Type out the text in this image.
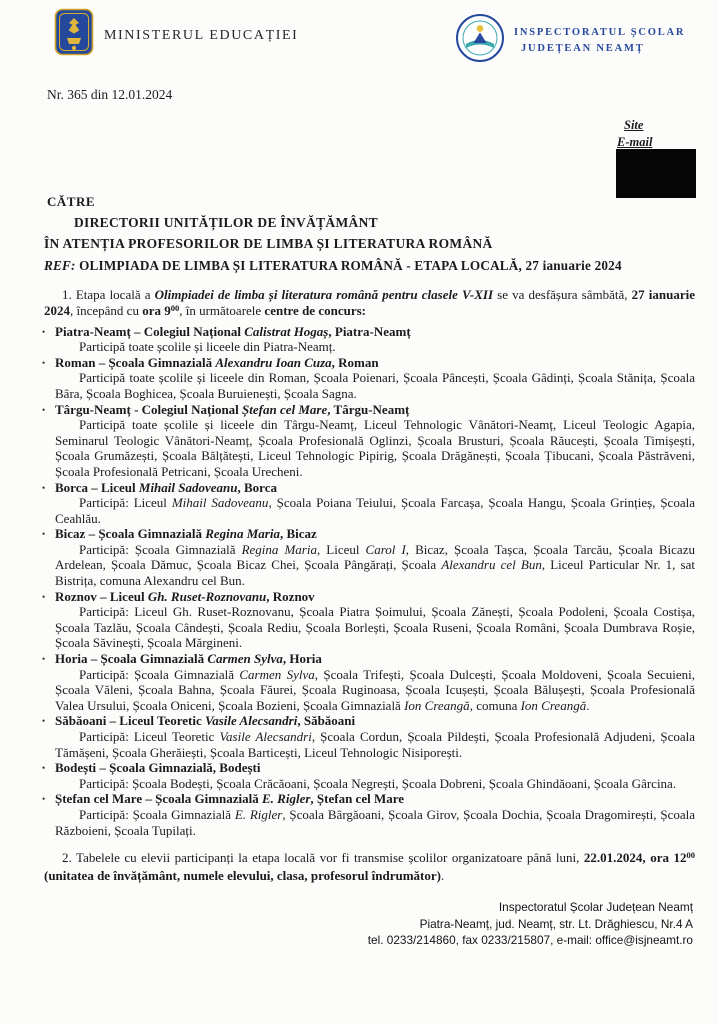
MINISTERUL EDUCAȚIEI	INSPECTORATUL ȘCOLAR
JUDEȚEAN NEAMȚ
Nr. 365 din 12.01.2024
Site
E-mail
CĂTRE
DIRECTORII UNITĂȚILOR DE ÎNVĂȚĂMÂNT
ÎN ATENȚIA PROFESORILOR DE LIMBA ȘI LITERATURA ROMÂNĂ
REF: OLIMPIADA DE LIMBA ȘI LITERATURA ROMÂNĂ - ETAPA LOCALĂ, 27 ianuarie 2024

1. Etapa locală a Olimpiadei de limba și literatura română pentru clasele V-XII se va desfășura sâmbătă, 27 ianuarie 2024, începând cu ora $9^{00}$, în următoarele centre de concurs:

• Piatra-Neamț – Colegiul Național Calistrat Hogaș, Piatra-Neamț
Participă toate școlile și liceele din Piatra-Neamț.
• Roman – Școala Gimnazială Alexandru Ioan Cuza, Roman
Participă toate școlile și liceele din Roman, Școala Poienari, Școala Pâncești, Școala Gâdinți, Școala Stănița, Școala Bâra, Școala Boghicea, Școala Buruienești, Școala Sagna.
• Târgu-Neamț - Colegiul Național Ștefan cel Mare, Târgu-Neamț
Participă toate școlile și liceele din Târgu-Neamț, Liceul Tehnologic Vânători-Neamț, Liceul Teologic Agapia, Seminarul Teologic Vânători-Neamț, Școala Profesională Oglinzi, Școala Brusturi, Școala Răucești, Școala Timișești, Școala Grumăzești, Școala Bălțătești, Liceul Tehnologic Pipirig, Școala Drăgănești, Școala Țibucani, Școala Păstrăveni, Școala Profesională Petricani, Școala Urecheni.
• Borca – Liceul Mihail Sadoveanu, Borca
Participă: Liceul Mihail Sadoveanu, Școala Poiana Teiului, Școala Farcașa, Școala Hangu, Școala Grințieș, Școala Ceahlău.
• Bicaz – Școala Gimnazială Regina Maria, Bicaz
Participă: Școala Gimnazială Regina Maria, Liceul Carol I, Bicaz, Școala Tașca, Școala Tarcău, Școala Bicazu Ardelean, Școala Dămuc, Școala Bicaz Chei, Școala Pângărați, Școala Alexandru cel Bun, Liceul Particular Nr. 1, sat Bistrița, comuna Alexandru cel Bun.
• Roznov – Liceul Gh. Ruset-Roznovanu, Roznov
Participă: Liceul Gh. Ruset-Roznovanu, Școala Piatra Șoimului, Școala Zănești, Școala Podoleni, Școala Costișa, Școala Tazlău, Școala Cândești, Școala Rediu, Școala Borlești, Școala Ruseni, Școala Români, Școala Dumbrava Roșie, Școala Săvinești, Școala Mărgineni.
• Horia – Școala Gimnazială Carmen Sylva, Horia
Participă: Școala Gimnazială Carmen Sylva, Școala Trifești, Școala Dulcești, Școala Moldoveni, Școala Secuieni, Școala Văleni, Școala Bahna, Școala Făurei, Școala Ruginoasa, Școala Icușești, Școala Bălușești, Școala Profesională Valea Ursului, Școala Oniceni, Școala Bozieni, Școala Gimnazială Ion Creangă, comuna Ion Creangă.
• Săbăoani – Liceul Teoretic Vasile Alecsandri, Săbăoani
Participă: Liceul Teoretic Vasile Alecsandri, Școala Cordun, Școala Pildești, Școala Profesională Adjudeni, Școala Tămășeni, Școala Gherăiești, Școala Barticești, Liceul Tehnologic Nisiporești.
• Bodești – Școala Gimnazială, Bodești
Participă: Școala Bodești, Școala Crăcăoani, Școala Negrești, Școala Dobreni, Școala Ghindăoani, Școala Gârcina.
• Ștefan cel Mare – Școala Gimnazială E. Rigler, Ștefan cel Mare
Participă: Școala Gimnazială E. Rigler, Școala Bârgăoani, Școala Girov, Școala Dochia, Școala Dragomirești, Școala Războieni, Școala Tupilați.

2. Tabelele cu elevii participanți la etapa locală vor fi transmise școlilor organizatoare până luni, 22.01.2024, ora $12^{00}$ (unitatea de învățământ, numele elevului, clasa, profesorul îndrumător).

Inspectoratul Școlar Județean Neamț
Piatra-Neamț, jud. Neamț, str. Lt. Drăghiescu, Nr.4 A
tel. 0233/214860, fax 0233/215807, e-mail: office@isjneamt.ro
